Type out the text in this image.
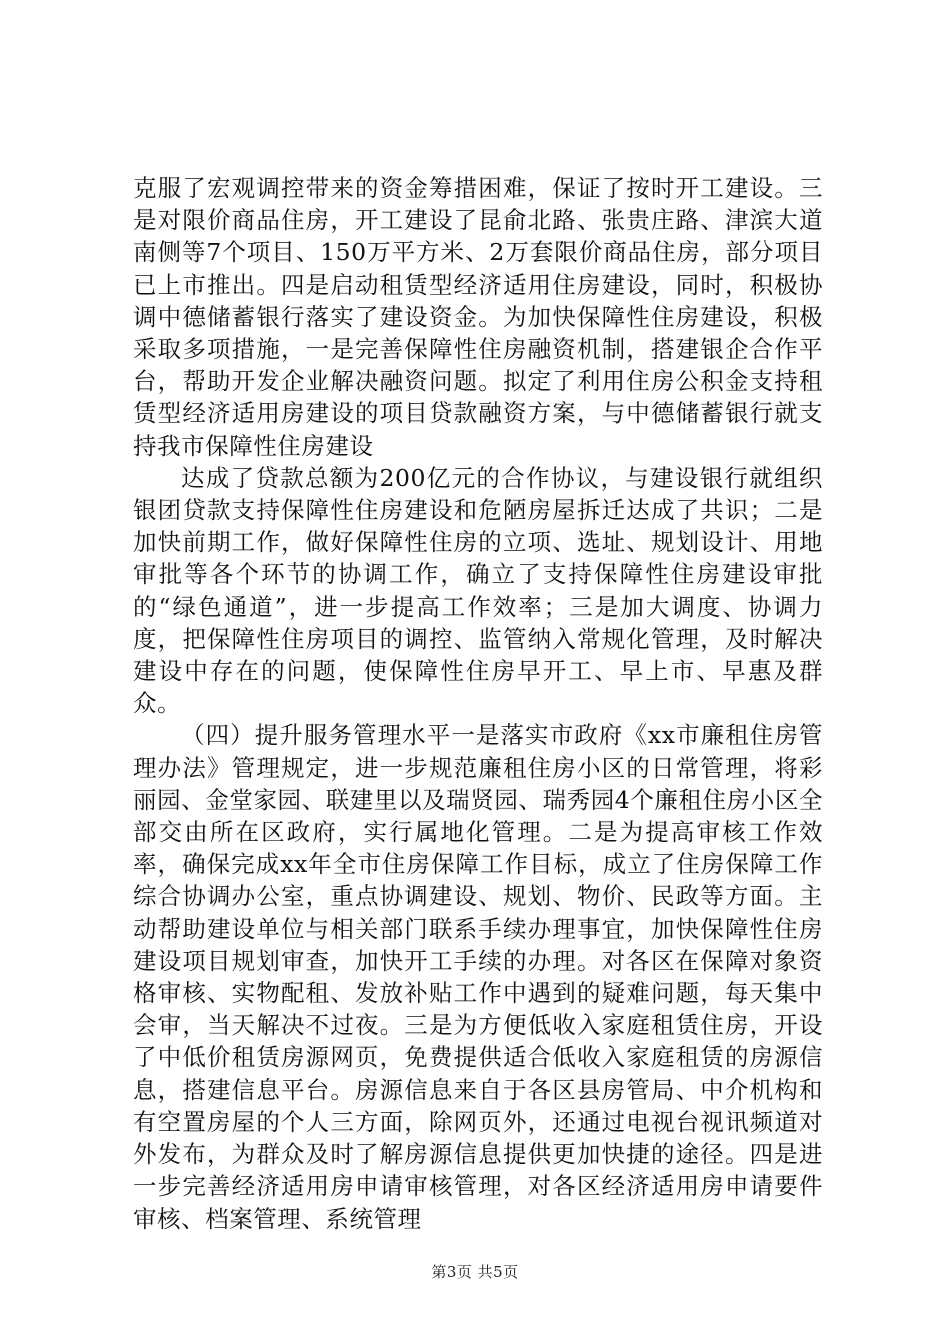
克服了宏观调控带来的资金筹措困难，保证了按时开工建设。三是对限价商品住房，开工建设了昆俞北路、张贵庄路、津滨大道南侧等7个项目、150万平方米、2万套限价商品住房，部分项目已上市推出。四是启动租赁型经济适用住房建设，同时，积极协调中德储蓄银行落实了建设资金。为加快保障性住房建设，积极采取多项措施，一是完善保障性住房融资机制，搭建银企合作平台，帮助开发企业解决融资问题。拟定了利用住房公积金支持租赁型经济适用房建设的项目贷款融资方案，与中德储蓄银行就支持我市保障性住房建设

达成了贷款总额为200亿元的合作协议，与建设银行就组织银团贷款支持保障性住房建设和危陋房屋拆迁达成了共识；二是加快前期工作，做好保障性住房的立项、选址、规划设计、用地审批等各个环节的协调工作，确立了支持保障性住房建设审批的“绿色通道”，进一步提高工作效率；三是加大调度、协调力度，把保障性住房项目的调控、监管纳入常规化管理，及时解决建设中存在的问题，使保障性住房早开工、早上市、早惠及群众。

（四）提升服务管理水平一是落实市政府《xx市廉租住房管理办法》管理规定，进一步规范廉租住房小区的日常管理，将彩丽园、金堂家园、联建里以及瑞贤园、瑞秀园4个廉租住房小区全部交由所在区政府，实行属地化管理。二是为提高审核工作效率，确保完成xx年全市住房保障工作目标，成立了住房保障工作综合协调办公室，重点协调建设、规划、物价、民政等方面。主动帮助建设单位与相关部门联系手续办理事宜，加快保障性住房建设项目规划审查，加快开工手续的办理。对各区在保障对象资格审核、实物配租、发放补贴工作中遇到的疑难问题，每天集中会审，当天解决不过夜。三是为方便低收入家庭租赁住房，开设了中低价租赁房源网页，免费提供适合低收入家庭租赁的房源信息，搭建信息平台。房源信息来自于各区县房管局、中介机构和有空置房屋的个人三方面，除网页外，还通过电视台视讯频道对外发布，为群众及时了解房源信息提供更加快捷的途径。四是进一步完善经济适用房申请审核管理，对各区经济适用房申请要件审核、档案管理、系统管理

第3页 共5页
